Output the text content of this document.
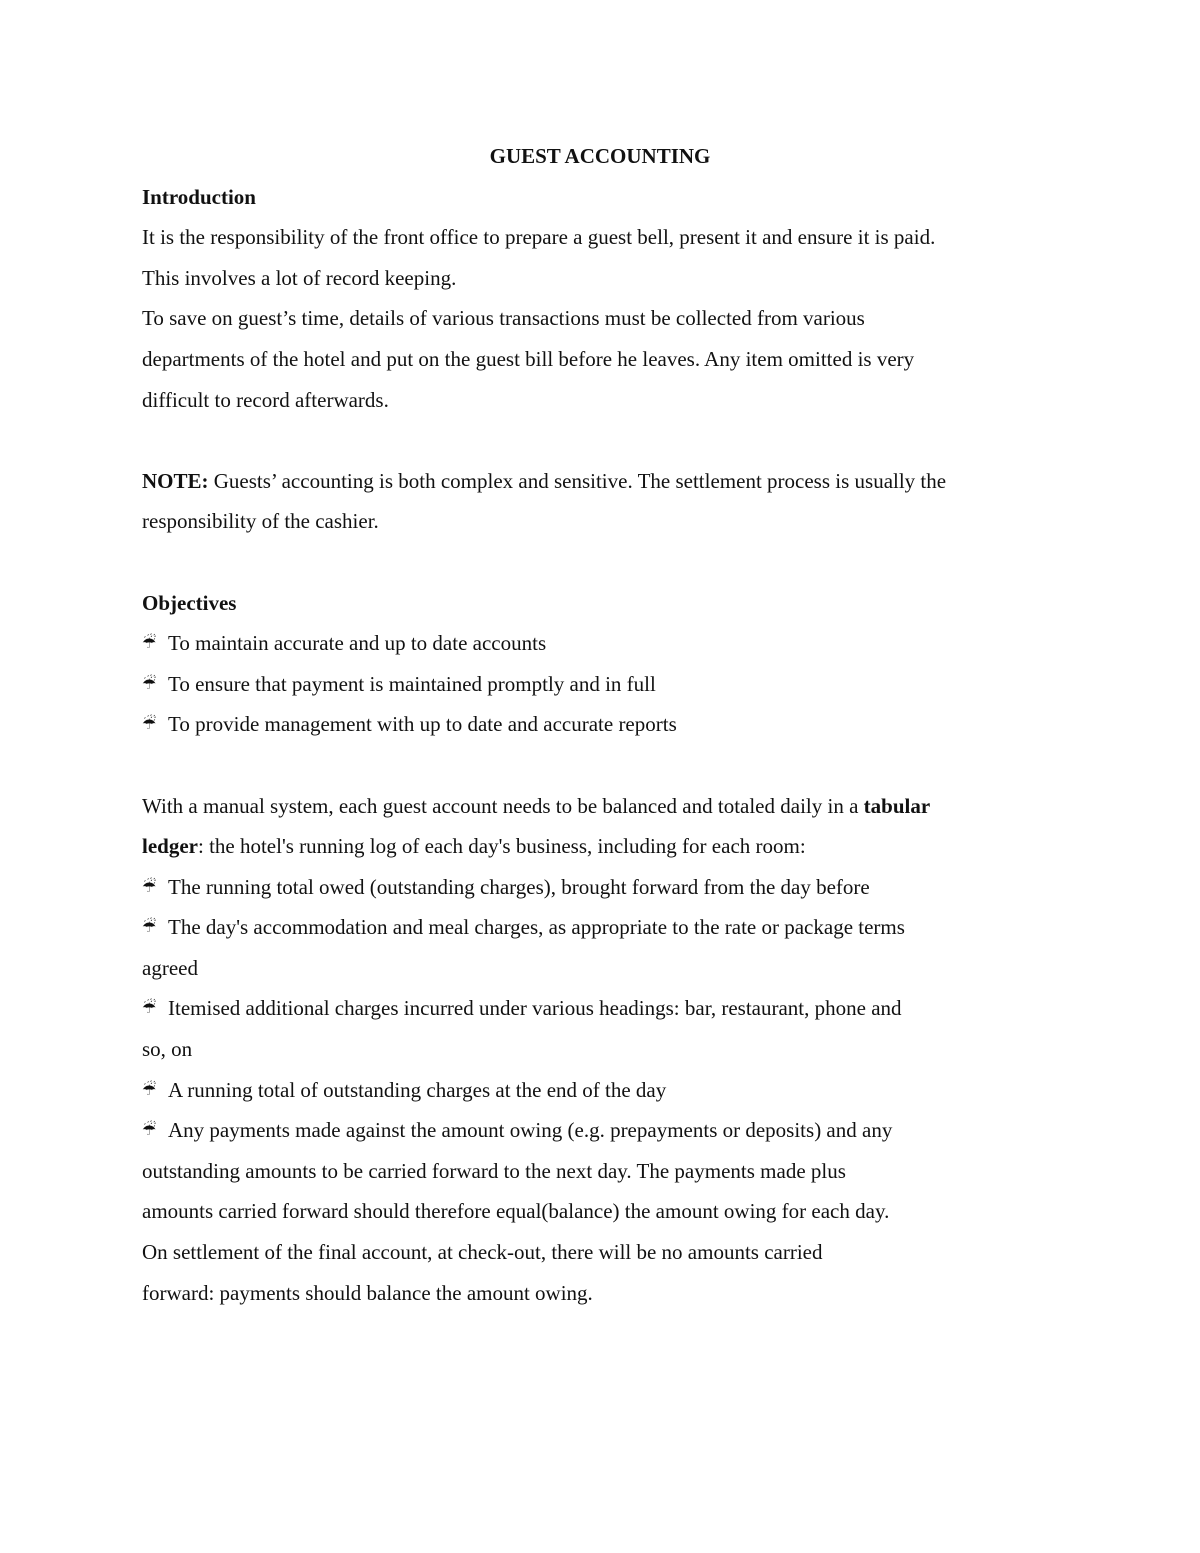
GUEST ACCOUNTING

Introduction

It is the responsibility of the front office to prepare a guest bell, present it and ensure it is paid.

This involves a lot of record keeping.

To save on guest’s time, details of various transactions must be collected from various

departments of the hotel and put on the guest bill before he leaves. Any item omitted is very

difficult to record afterwards.

NOTE: Guests’ accounting is both complex and sensitive. The settlement process is usually the

responsibility of the cashier.

Objectives

☔ To maintain accurate and up to date accounts

☔ To ensure that payment is maintained promptly and in full

☔ To provide management with up to date and accurate reports

With a manual system, each guest account needs to be balanced and totaled daily in a tabular

ledger: the hotel's running log of each day's business, including for each room:

☔ The running total owed (outstanding charges), brought forward from the day before

☔ The day's accommodation and meal charges, as appropriate to the rate or package terms

agreed

☔ Itemised additional charges incurred under various headings: bar, restaurant, phone and

so, on

☔ A running total of outstanding charges at the end of the day

☔ Any payments made against the amount owing (e.g. prepayments or deposits) and any

outstanding amounts to be carried forward to the next day. The payments made plus

amounts carried forward should therefore equal(balance) the amount owing for each day.

On settlement of the final account, at check-out, there will be no amounts carried

forward: payments should balance the amount owing.
